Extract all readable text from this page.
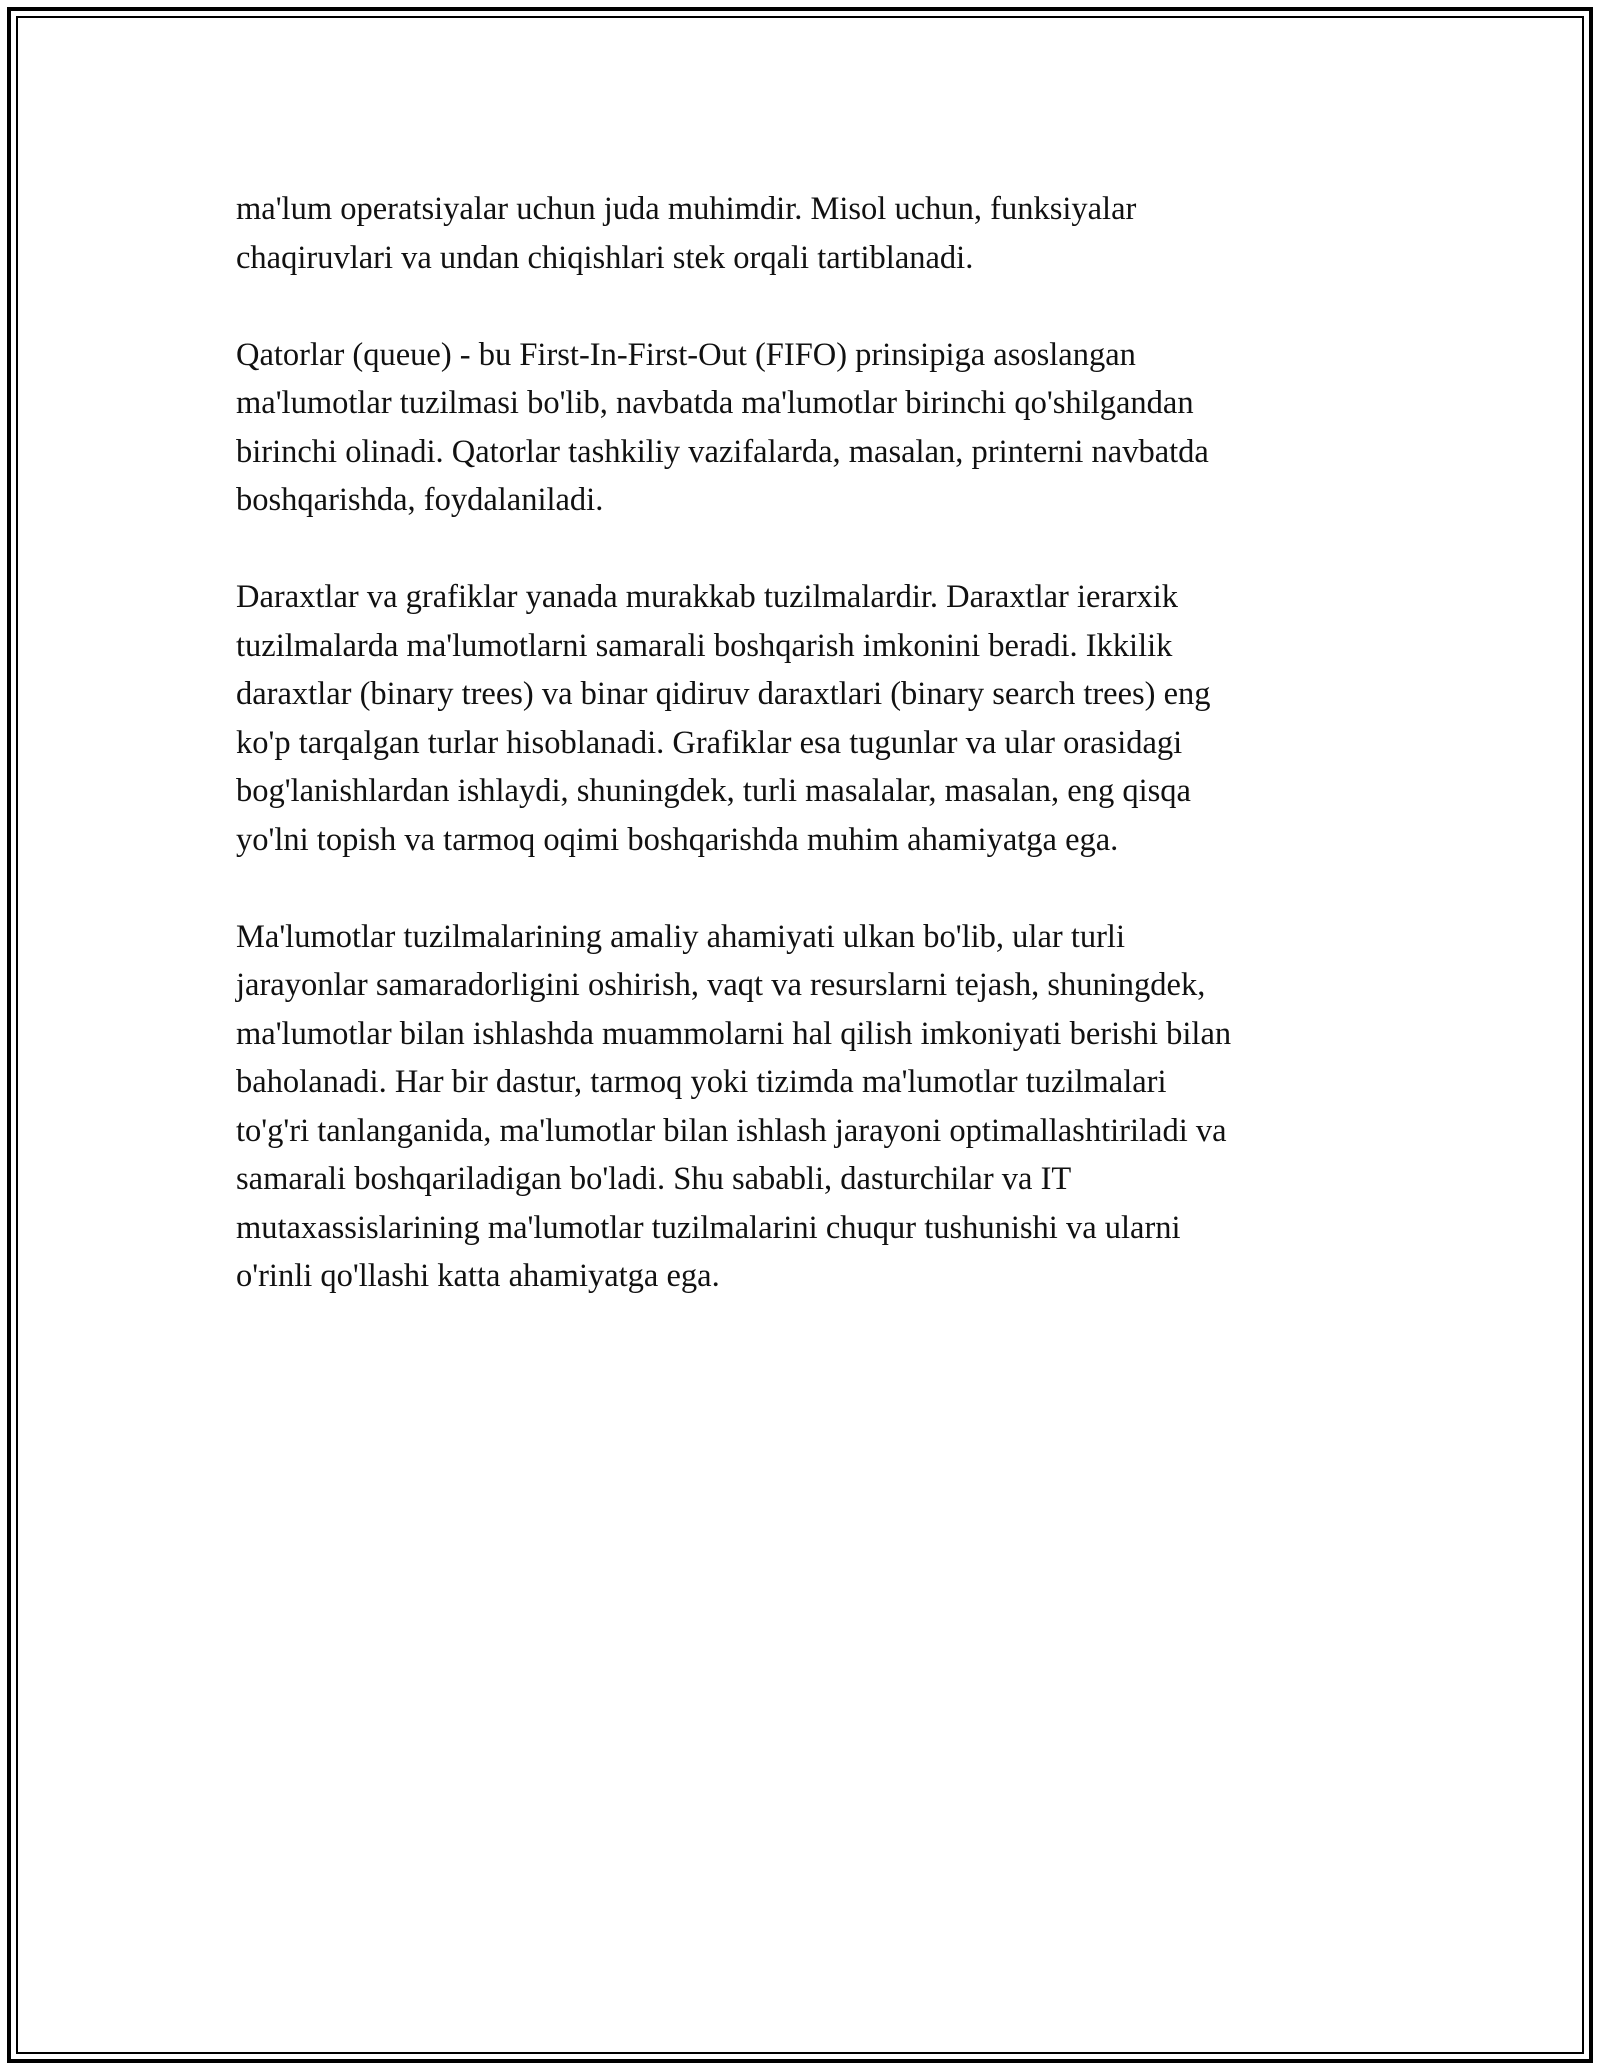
ma'lum operatsiyalar uchun juda muhimdir. Misol uchun, funksiyalar
chaqiruvlari va undan chiqishlari stek orqali tartiblanadi.

Qatorlar (queue) - bu First-In-First-Out (FIFO) prinsipiga asoslangan
ma'lumotlar tuzilmasi bo'lib, navbatda ma'lumotlar birinchi qo'shilgandan
birinchi olinadi. Qatorlar tashkiliy vazifalarda, masalan, printerni navbatda
boshqarishda, foydalaniladi.

Daraxtlar va grafiklar yanada murakkab tuzilmalardir. Daraxtlar ierarxik
tuzilmalarda ma'lumotlarni samarali boshqarish imkonini beradi. Ikkilik
daraxtlar (binary trees) va binar qidiruv daraxtlari (binary search trees) eng
ko'p tarqalgan turlar hisoblanadi. Grafiklar esa tugunlar va ular orasidagi
bog'lanishlardan ishlaydi, shuningdek, turli masalalar, masalan, eng qisqa
yo'lni topish va tarmoq oqimi boshqarishda muhim ahamiyatga ega.

Ma'lumotlar tuzilmalarining amaliy ahamiyati ulkan bo'lib, ular turli
jarayonlar samaradorligini oshirish, vaqt va resurslarni tejash, shuningdek,
ma'lumotlar bilan ishlashda muammolarni hal qilish imkoniyati berishi bilan
baholanadi. Har bir dastur, tarmoq yoki tizimda ma'lumotlar tuzilmalari
to'g'ri tanlanganida, ma'lumotlar bilan ishlash jarayoni optimallashtiriladi va
samarali boshqariladigan bo'ladi. Shu sababli, dasturchilar va IT
mutaxassislarining ma'lumotlar tuzilmalarini chuqur tushunishi va ularni
o'rinli qo'llashi katta ahamiyatga ega.
